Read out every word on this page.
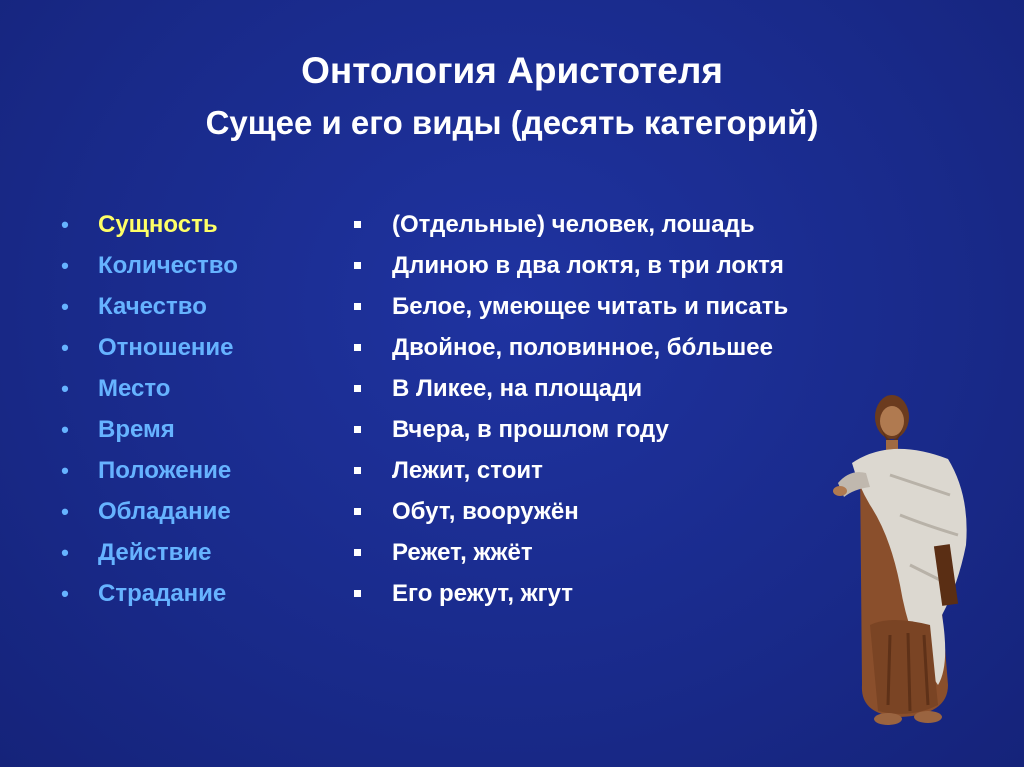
Онтология Аристотеля
Сущее и его виды (десять категорий)
• Сущность
• Количество
• Качество
• Отношение
• Место
• Время
• Положение
• Обладание
• Действие
• Страдание
(Отдельные) человек, лошадь
Длиною в два локтя, в три локтя
Белое, умеющее читать и писать
Двойное, половинное, бóльшее
В Ликее, на площади
Вчера, в прошлом году
Лежит, стоит
Обут, вооружён
Режет, жжёт
Его режут, жгут
